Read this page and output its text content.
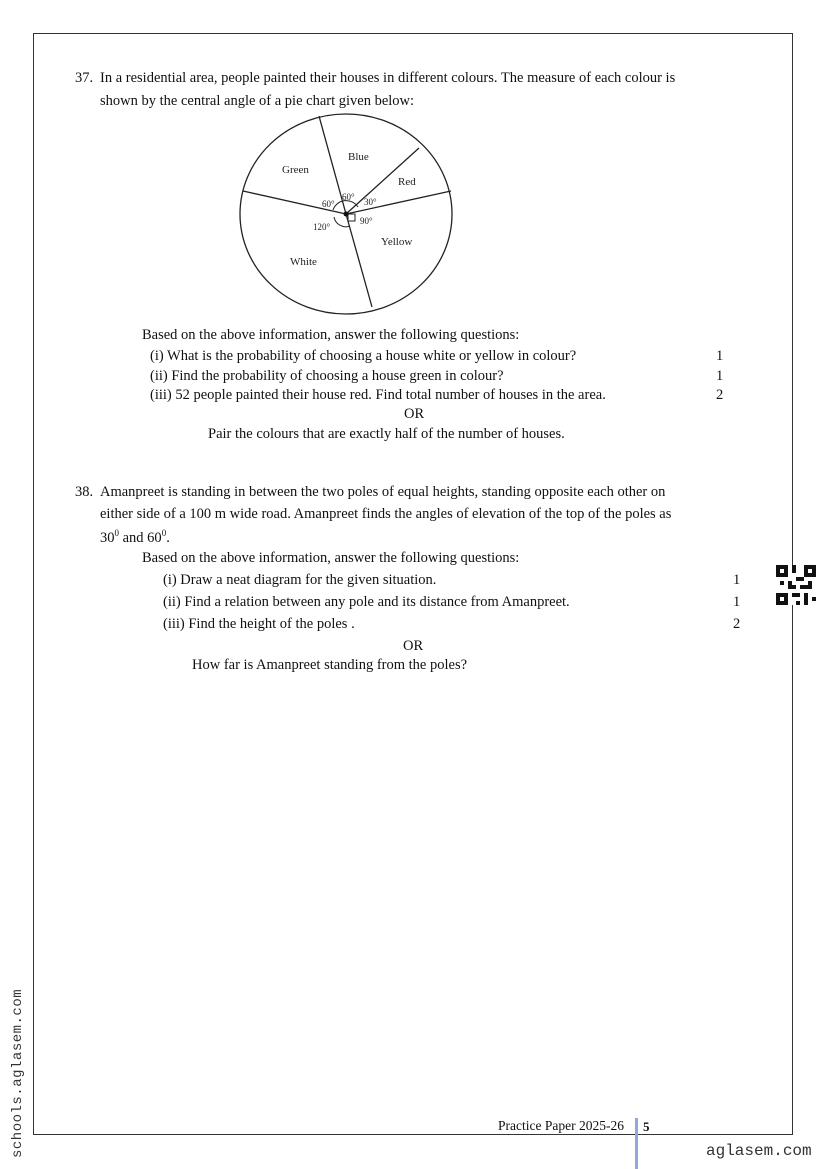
37. In a residential area, people painted their houses in different colours. The measure of each colour is
shown by the central angle of a pie chart given below:
Green
Blue
Red
Yellow
White
60°
60° 30°
90°
120°
Based on the above information, answer the following questions:
(i) What is the probability of choosing a house white or yellow in colour?	1
(ii) Find the probability of choosing a house green in colour?	1
(iii) 52 people painted their house red. Find total number of houses in the area.	2
OR
Pair the colours that are exactly half of the number of houses.
38. Amanpreet is standing in between the two poles of equal heights, standing opposite each other on
either side of a 100 m wide road. Amanpreet finds the angles of elevation of the top of the poles as
$30^0$ and $60^0$.
Based on the above information, answer the following questions:
(i) Draw a neat diagram for the given situation.	1
(ii) Find a relation between any pole and its distance from Amanpreet.	1
(iii) Find the height of the poles .	2
OR
How far is Amanpreet standing from the poles?
Practice Paper 2025-26 5
aglasem.com
schools.aglasem.com
